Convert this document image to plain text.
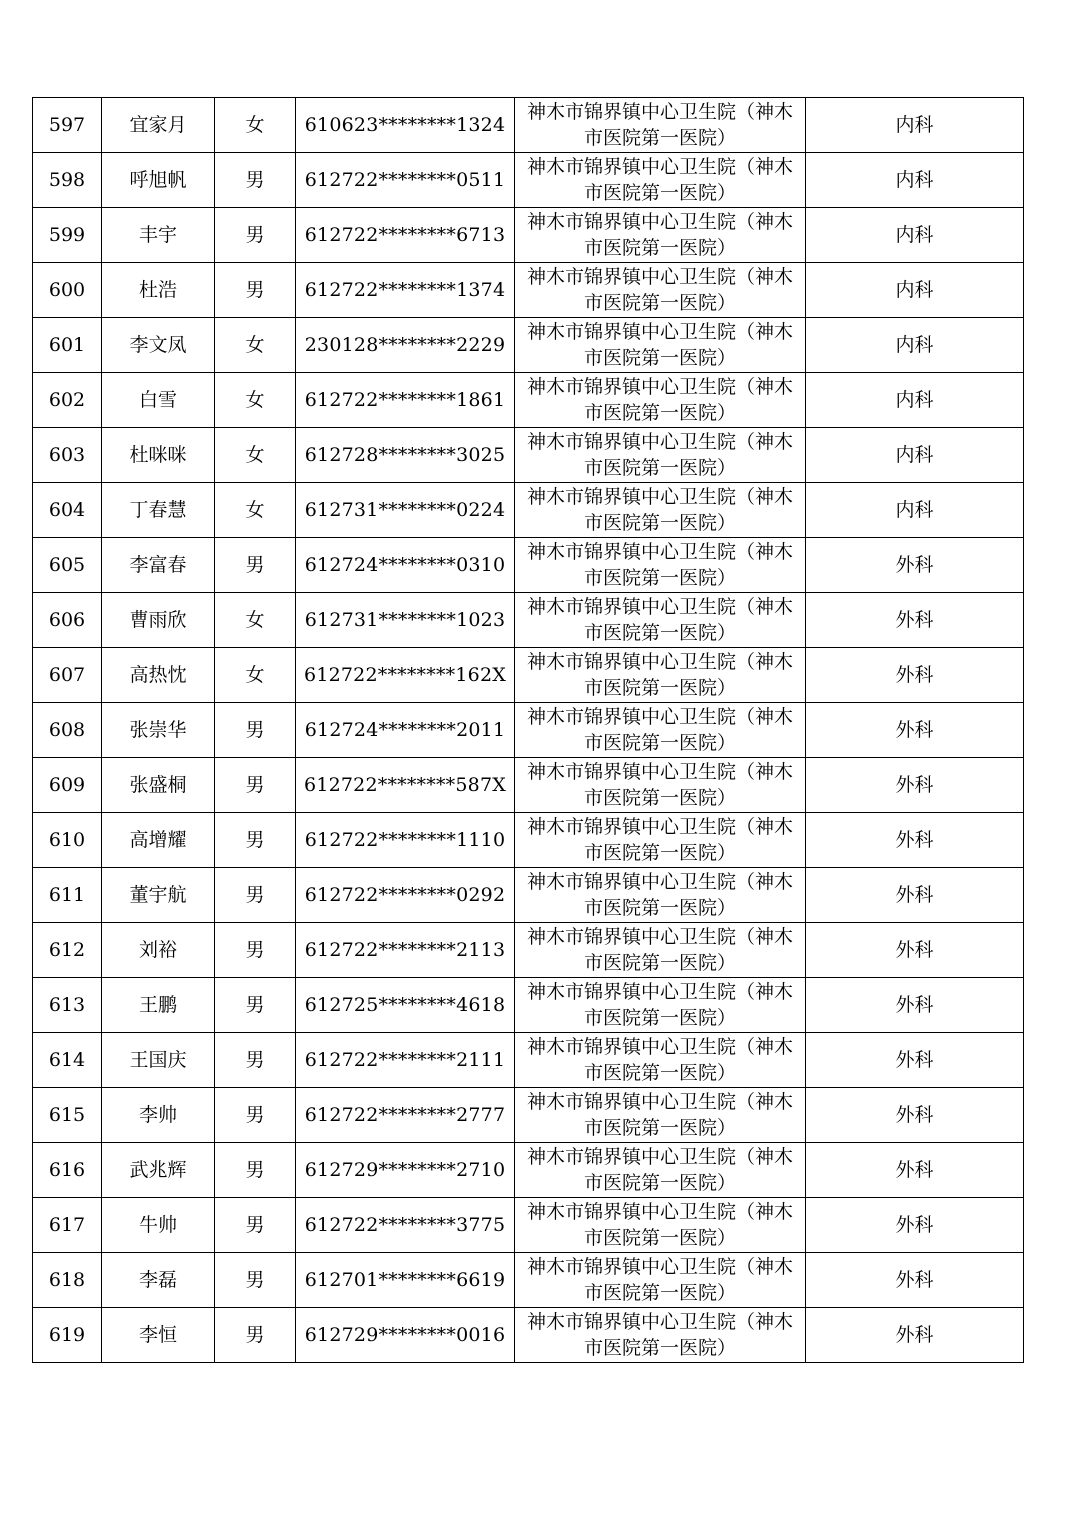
597	宜家月	女	610623********1324	神木市锦界镇中心卫生院（神木市医院第一医院）	内科
598	呼旭帆	男	612722********0511	神木市锦界镇中心卫生院（神木市医院第一医院）	内科
599	丰宇	男	612722********6713	神木市锦界镇中心卫生院（神木市医院第一医院）	内科
600	杜浩	男	612722********1374	神木市锦界镇中心卫生院（神木市医院第一医院）	内科
601	李文凤	女	230128********2229	神木市锦界镇中心卫生院（神木市医院第一医院）	内科
602	白雪	女	612722********1861	神木市锦界镇中心卫生院（神木市医院第一医院）	内科
603	杜咪咪	女	612728********3025	神木市锦界镇中心卫生院（神木市医院第一医院）	内科
604	丁春慧	女	612731********0224	神木市锦界镇中心卫生院（神木市医院第一医院）	内科
605	李富春	男	612724********0310	神木市锦界镇中心卫生院（神木市医院第一医院）	外科
606	曹雨欣	女	612731********1023	神木市锦界镇中心卫生院（神木市医院第一医院）	外科
607	高热忱	女	612722********162X	神木市锦界镇中心卫生院（神木市医院第一医院）	外科
608	张崇华	男	612724********2011	神木市锦界镇中心卫生院（神木市医院第一医院）	外科
609	张盛桐	男	612722********587X	神木市锦界镇中心卫生院（神木市医院第一医院）	外科
610	高增耀	男	612722********1110	神木市锦界镇中心卫生院（神木市医院第一医院）	外科
611	董宇航	男	612722********0292	神木市锦界镇中心卫生院（神木市医院第一医院）	外科
612	刘裕	男	612722********2113	神木市锦界镇中心卫生院（神木市医院第一医院）	外科
613	王鹏	男	612725********4618	神木市锦界镇中心卫生院（神木市医院第一医院）	外科
614	王国庆	男	612722********2111	神木市锦界镇中心卫生院（神木市医院第一医院）	外科
615	李帅	男	612722********2777	神木市锦界镇中心卫生院（神木市医院第一医院）	外科
616	武兆辉	男	612729********2710	神木市锦界镇中心卫生院（神木市医院第一医院）	外科
617	牛帅	男	612722********3775	神木市锦界镇中心卫生院（神木市医院第一医院）	外科
618	李磊	男	612701********6619	神木市锦界镇中心卫生院（神木市医院第一医院）	外科
619	李恒	男	612729********0016	神木市锦界镇中心卫生院（神木市医院第一医院）	外科
